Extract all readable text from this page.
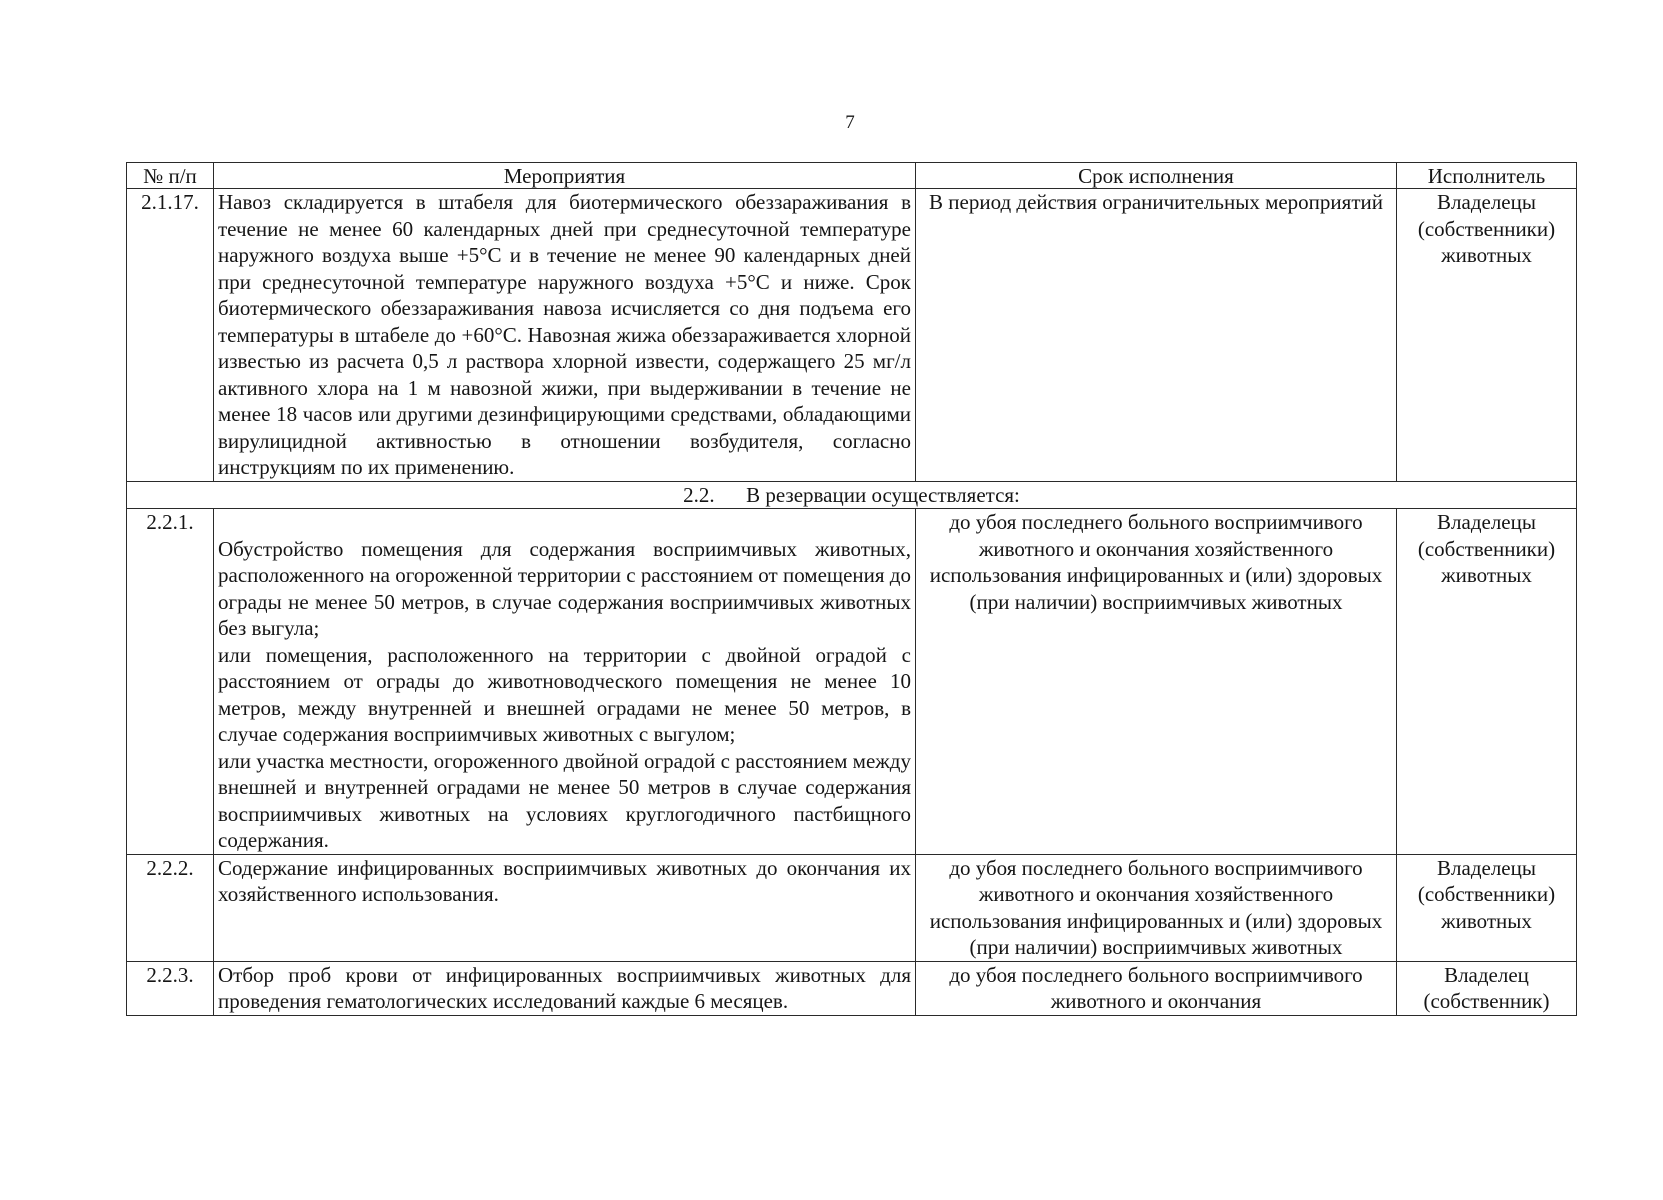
7
№ п/п	Мероприятия	Срок исполнения	Исполнитель
2.1.17.	Навоз складируется в штабеля для биотермического обеззараживания в течение не менее 60 календарных дней при среднесуточной температуре наружного воздуха выше +5°С и в течение не менее 90 календарных дней при среднесуточной температуре наружного воздуха +5°С и ниже. Срок биотермического обеззараживания навоза исчисляется со дня подъема его температуры в штабеле до +60°С. Навозная жижа обеззараживается хлорной известью из расчета 0,5 л раствора хлорной извести, содержащего 25 мг/л активного хлора на 1 м навозной жижи, при выдерживании в течение не менее 18 часов или другими дезинфицирующими средствами, обладающими вирулицидной активностью в отношении возбудителя, согласно инструкциям по их применению.	В период действия ограничительных мероприятий	Владелецы (собственники) животных
2.2.      В резервации осуществляется:			
2.2.1.	Обустройство помещения для содержания восприимчивых животных, расположенного на огороженной территории с расстоянием от помещения до ограды не менее 50 метров, в случае содержания восприимчивых животных без выгула;
или помещения, расположенного на территории с двойной оградой с расстоянием от ограды до животноводческого помещения не менее 10 метров, между внутренней и внешней оградами не менее 50 метров, в случае содержания восприимчивых животных с выгулом;
или участка местности, огороженного двойной оградой с расстоянием между внешней и внутренней оградами не менее 50 метров в случае содержания восприимчивых животных на условиях круглогодичного пастбищного содержания.	до убоя последнего больного восприимчивого животного и окончания хозяйственного использования инфицированных и (или) здоровых (при наличии) восприимчивых животных	Владелецы (собственники) животных
2.2.2.	Содержание инфицированных восприимчивых животных до окончания их хозяйственного использования.	до убоя последнего больного восприимчивого животного и окончания хозяйственного использования инфицированных и (или) здоровых (при наличии) восприимчивых животных	Владелецы (собственники) животных
2.2.3.	Отбор проб крови от инфицированных восприимчивых животных для проведения гематологических исследований каждые 6 месяцев.	до убоя последнего больного восприимчивого животного и окончания	Владелец (собственник)
